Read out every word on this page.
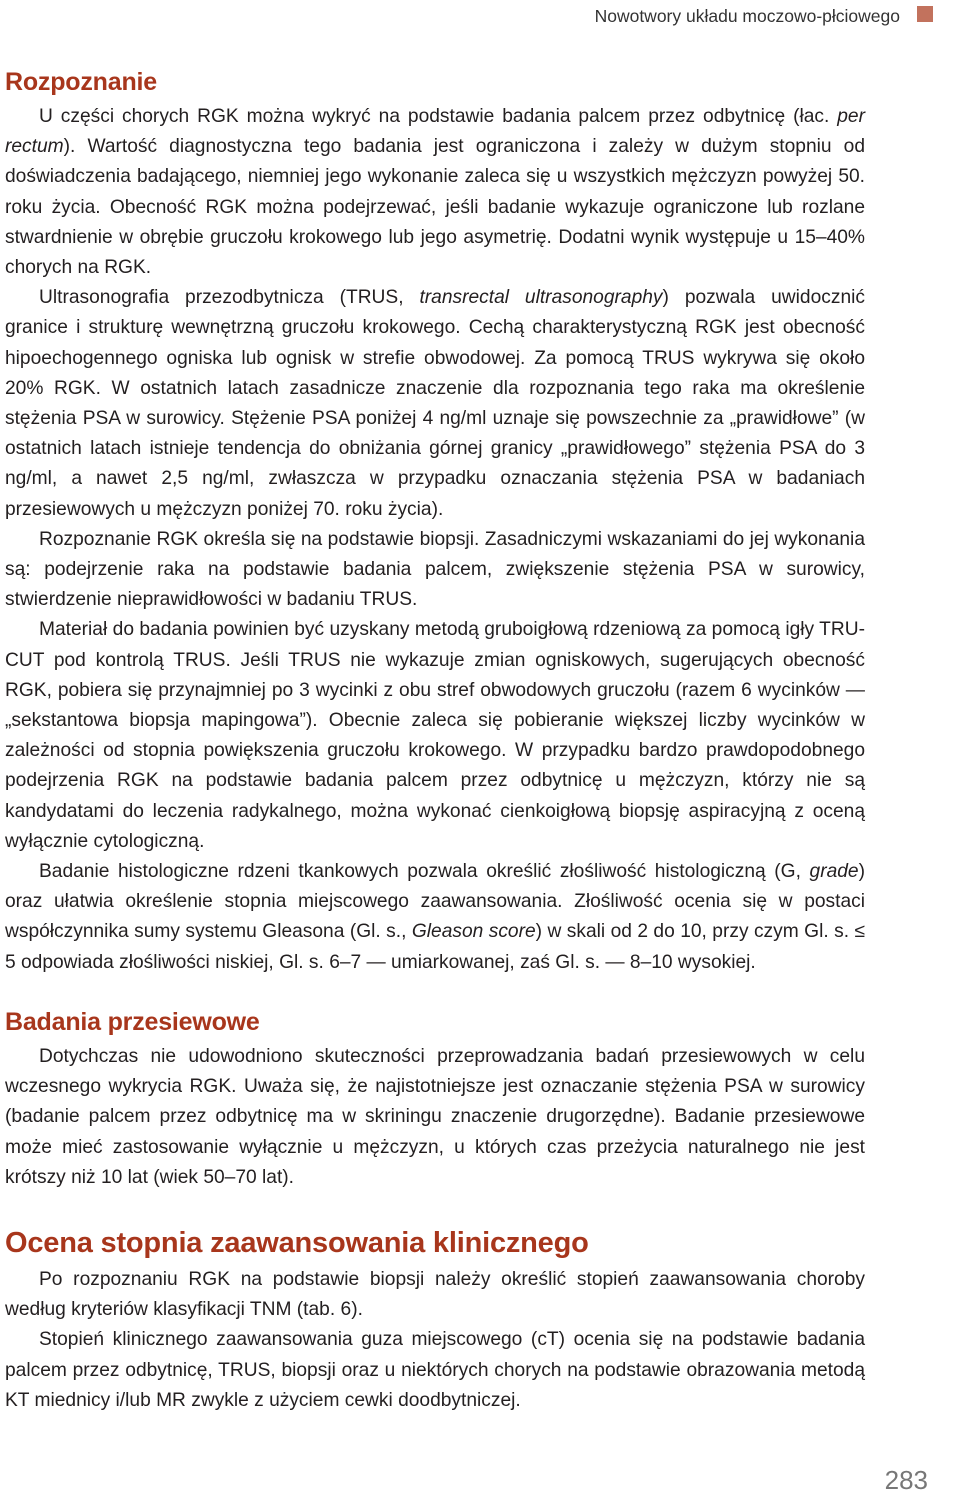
Nowotwory układu moczowo-płciowego
Rozpoznanie

U części chorych RGK można wykryć na podstawie badania palcem przez odbytnicę (łac. per rectum). Wartość diagnostyczna tego badania jest ograniczona i zależy w dużym stopniu od doświadczenia badającego, niemniej jego wykonanie zaleca się u wszystkich mężczyzn powyżej 50. roku życia. Obecność RGK można podejrzewać, jeśli badanie wykazuje ograniczone lub rozlane stwardnienie w obrębie gruczołu krokowego lub jego asymetrię. Dodatni wynik występuje u 15–40% chorych na RGK.

Ultrasonografia przezodbytnicza (TRUS, transrectal ultrasonography) pozwala uwidocznić granice i strukturę wewnętrzną gruczołu krokowego. Cechą charakterystyczną RGK jest obecność hipoechogennego ogniska lub ognisk w strefie obwodowej. Za pomocą TRUS wykrywa się około 20% RGK. W ostatnich latach zasadnicze znaczenie dla rozpoznania tego raka ma określenie stężenia PSA w surowicy. Stężenie PSA poniżej 4 ng/ml uznaje się powszechnie za „prawidłowe” (w ostatnich latach istnieje tendencja do obniżania górnej granicy „prawidłowego” stężenia PSA do 3 ng/ml, a nawet 2,5 ng/ml, zwłaszcza w przypadku oznaczania stężenia PSA w badaniach przesiewowych u mężczyzn poniżej 70. roku życia).

Rozpoznanie RGK określa się na podstawie biopsji. Zasadniczymi wskazaniami do jej wykonania są: podejrzenie raka na podstawie badania palcem, zwiększenie stężenia PSA w surowicy, stwierdzenie nieprawidłowości w badaniu TRUS.

Materiał do badania powinien być uzyskany metodą gruboigłową rdzeniową za pomocą igły TRU-CUT pod kontrolą TRUS. Jeśli TRUS nie wykazuje zmian ogniskowych, sugerujących obecność RGK, pobiera się przynajmniej po 3 wycinki z obu stref obwodowych gruczołu (razem 6 wycinków — „sekstantowa biopsja mapingowa”). Obecnie zaleca się pobieranie większej liczby wycinków w zależności od stopnia powiększenia gruczołu krokowego. W przypadku bardzo prawdopodobnego podejrzenia RGK na podstawie badania palcem przez odbytnicę u mężczyzn, którzy nie są kandydatami do leczenia radykalnego, można wykonać cienkoigłową biopsję aspiracyjną z oceną wyłącznie cytologiczną.

Badanie histologiczne rdzeni tkankowych pozwala określić złośliwość histologiczną (G, grade) oraz ułatwia określenie stopnia miejscowego zaawansowania. Złośliwość ocenia się w postaci współczynnika sumy systemu Gleasona (Gl. s., Gleason score) w skali od 2 do 10, przy czym Gl. s. ≤ 5 odpowiada złośliwości niskiej, Gl. s. 6–7 — umiarkowanej, zaś Gl. s. — 8–10 wysokiej.

Badania przesiewowe

Dotychczas nie udowodniono skuteczności przeprowadzania badań przesiewowych w celu wczesnego wykrycia RGK. Uważa się, że najistotniejsze jest oznaczanie stężenia PSA w surowicy (badanie palcem przez odbytnicę ma w skriningu znaczenie drugorzędne). Badanie przesiewowe może mieć zastosowanie wyłącznie u mężczyzn, u których czas przeżycia naturalnego nie jest krótszy niż 10 lat (wiek 50–70 lat).

Ocena stopnia zaawansowania klinicznego

Po rozpoznaniu RGK na podstawie biopsji należy określić stopień zaawansowania choroby według kryteriów klasyfikacji TNM (tab. 6).

Stopień klinicznego zaawansowania guza miejscowego (cT) ocenia się na podstawie badania palcem przez odbytnicę, TRUS, biopsji oraz u niektórych chorych na podstawie obrazowania metodą KT miednicy i/lub MR zwykle z użyciem cewki doodbytniczej.

283
